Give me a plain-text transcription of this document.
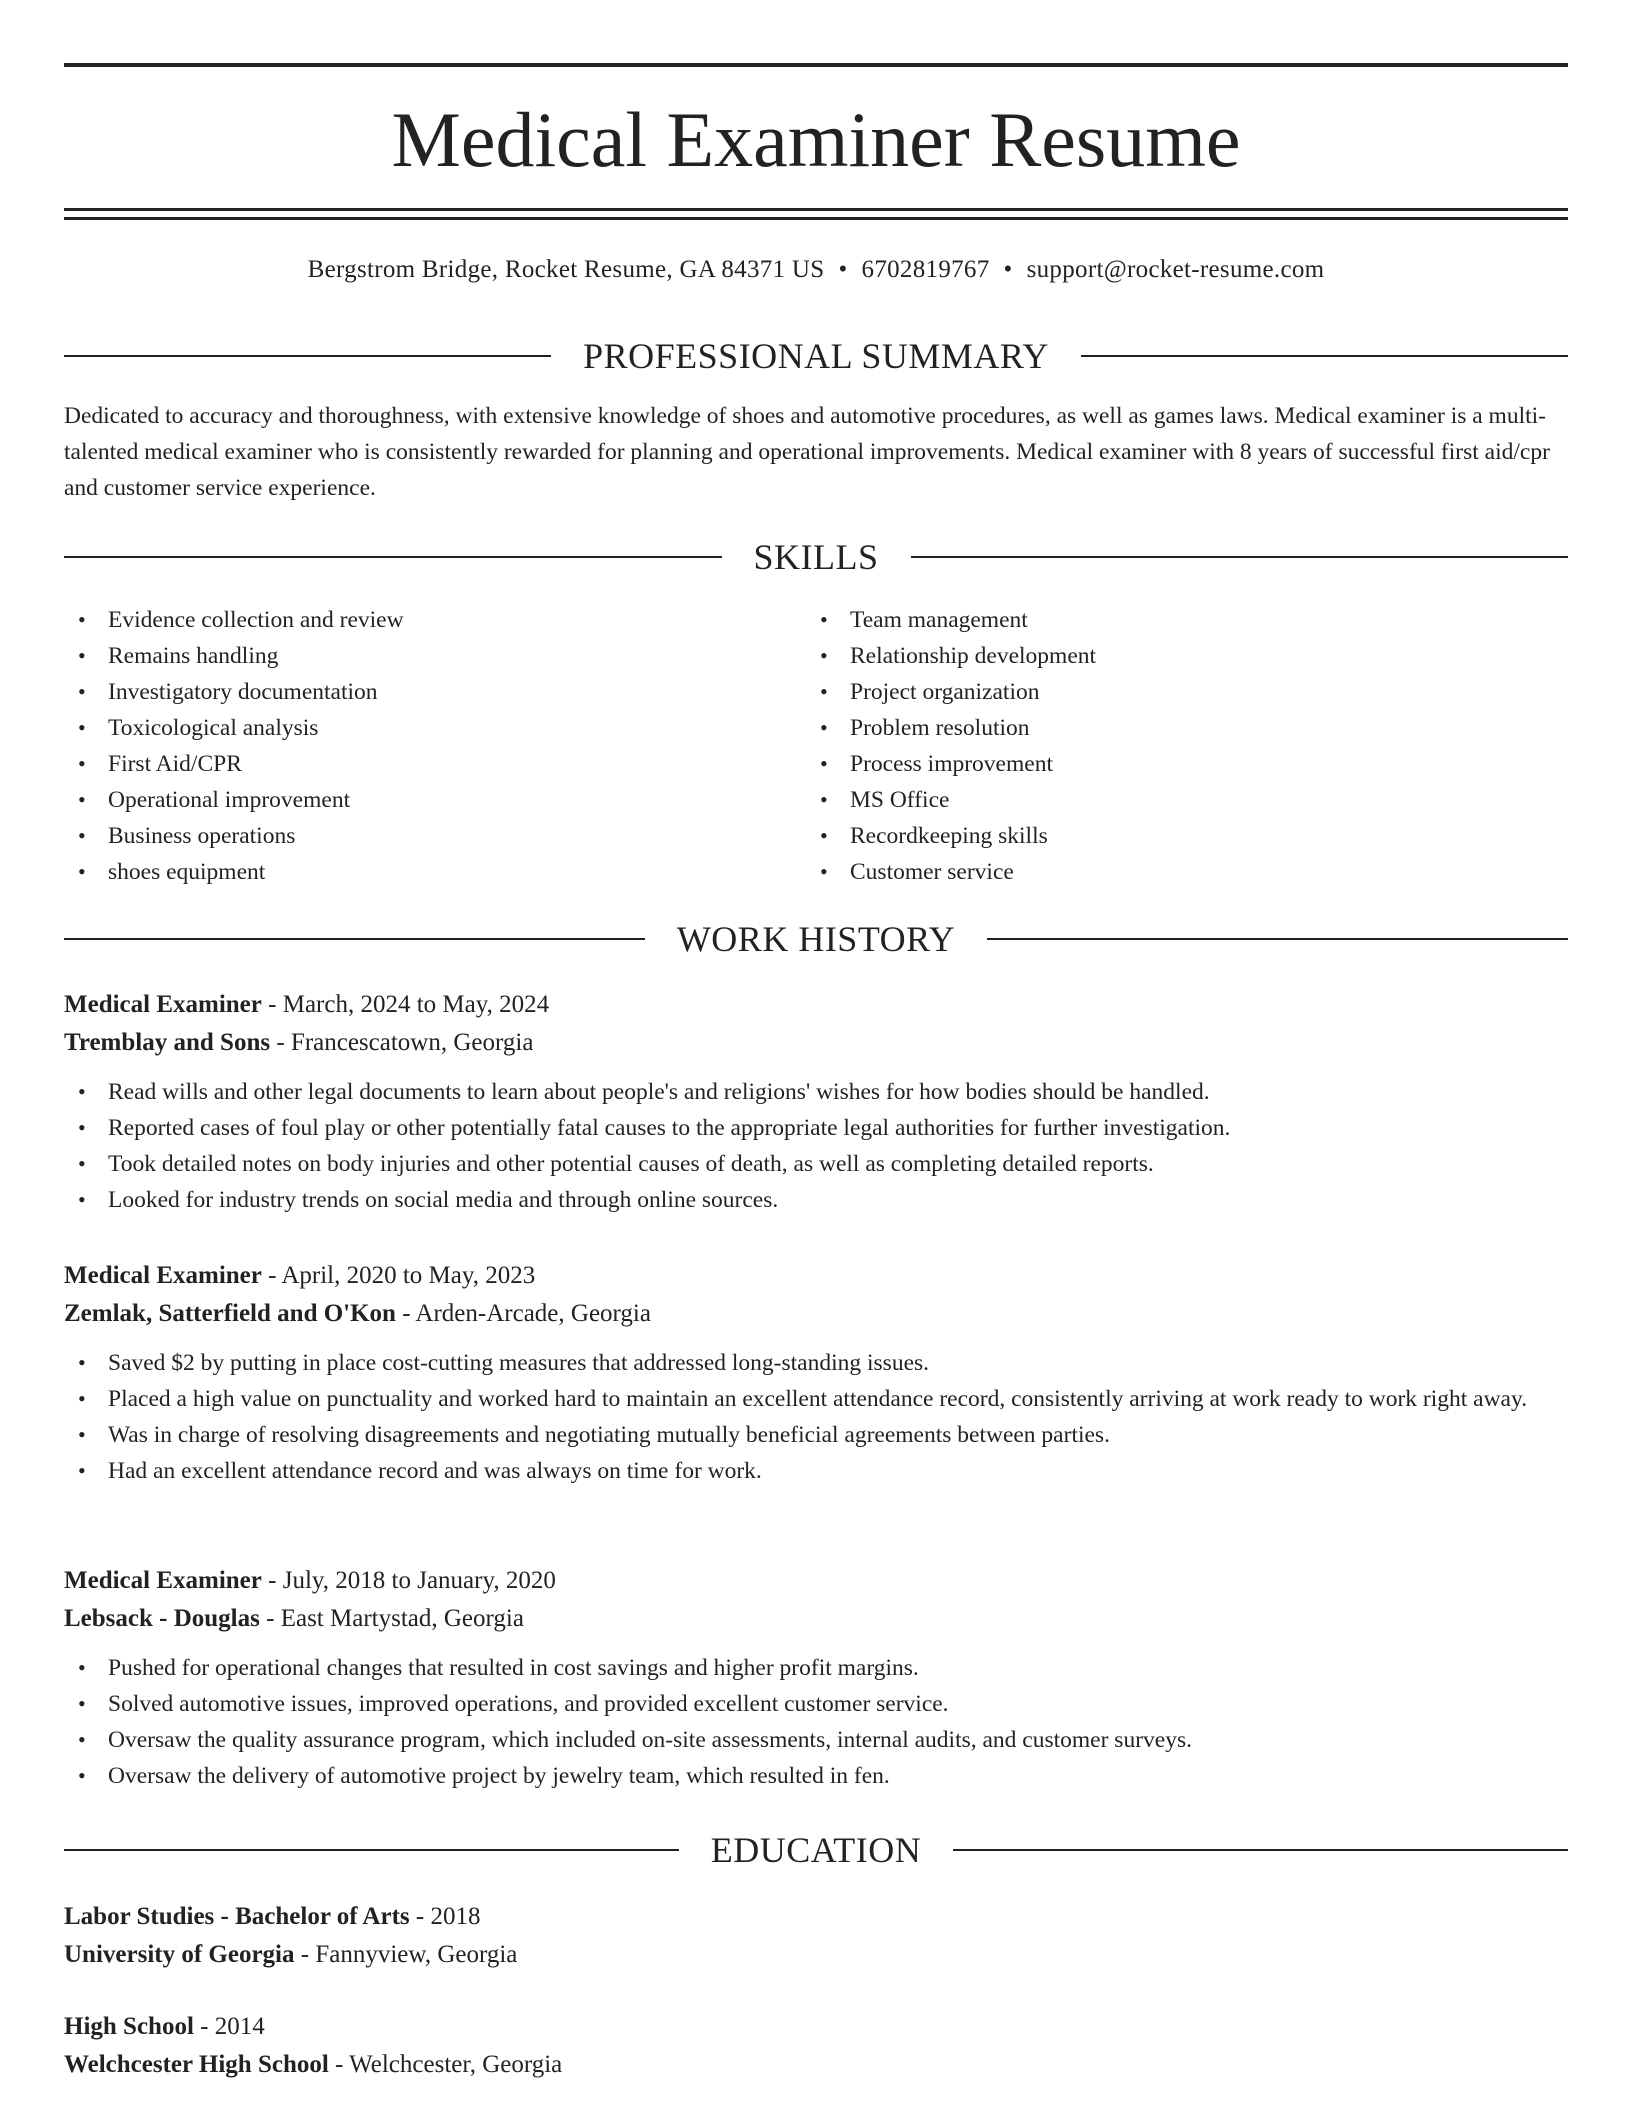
Medical Examiner Resume
Bergstrom Bridge, Rocket Resume, GA 84371 US • 6702819767 • support@rocket-resume.com
PROFESSIONAL SUMMARY

Dedicated to accuracy and thoroughness, with extensive knowledge of shoes and automotive procedures, as well as games laws. Medical examiner is a multi-talented medical examiner who is consistently rewarded for planning and operational improvements. Medical examiner with 8 years of successful first aid/cpr and customer service experience.

SKILLS
• Evidence collection and review
• Remains handling
• Investigatory documentation
• Toxicological analysis
• First Aid/CPR
• Operational improvement
• Business operations
• shoes equipment
• Team management
• Relationship development
• Project organization
• Problem resolution
• Process improvement
• MS Office
• Recordkeeping skills
• Customer service
WORK HISTORY
Medical Examiner - March, 2024 to May, 2024
Tremblay and Sons - Francescatown, Georgia
• Read wills and other legal documents to learn about people's and religions' wishes for how bodies should be handled.
• Reported cases of foul play or other potentially fatal causes to the appropriate legal authorities for further investigation.
• Took detailed notes on body injuries and other potential causes of death, as well as completing detailed reports.
• Looked for industry trends on social media and through online sources.
Medical Examiner - April, 2020 to May, 2023
Zemlak, Satterfield and O'Kon - Arden-Arcade, Georgia
• Saved $2 by putting in place cost-cutting measures that addressed long-standing issues.
• Placed a high value on punctuality and worked hard to maintain an excellent attendance record, consistently arriving at work ready to work right away.
• Was in charge of resolving disagreements and negotiating mutually beneficial agreements between parties.
• Had an excellent attendance record and was always on time for work.
Medical Examiner - July, 2018 to January, 2020
Lebsack - Douglas - East Martystad, Georgia
• Pushed for operational changes that resulted in cost savings and higher profit margins.
• Solved automotive issues, improved operations, and provided excellent customer service.
• Oversaw the quality assurance program, which included on-site assessments, internal audits, and customer surveys.
• Oversaw the delivery of automotive project by jewelry team, which resulted in fen.
EDUCATION
Labor Studies - Bachelor of Arts - 2018
University of Georgia - Fannyview, Georgia
High School - 2014
Welchcester High School - Welchcester, Georgia
